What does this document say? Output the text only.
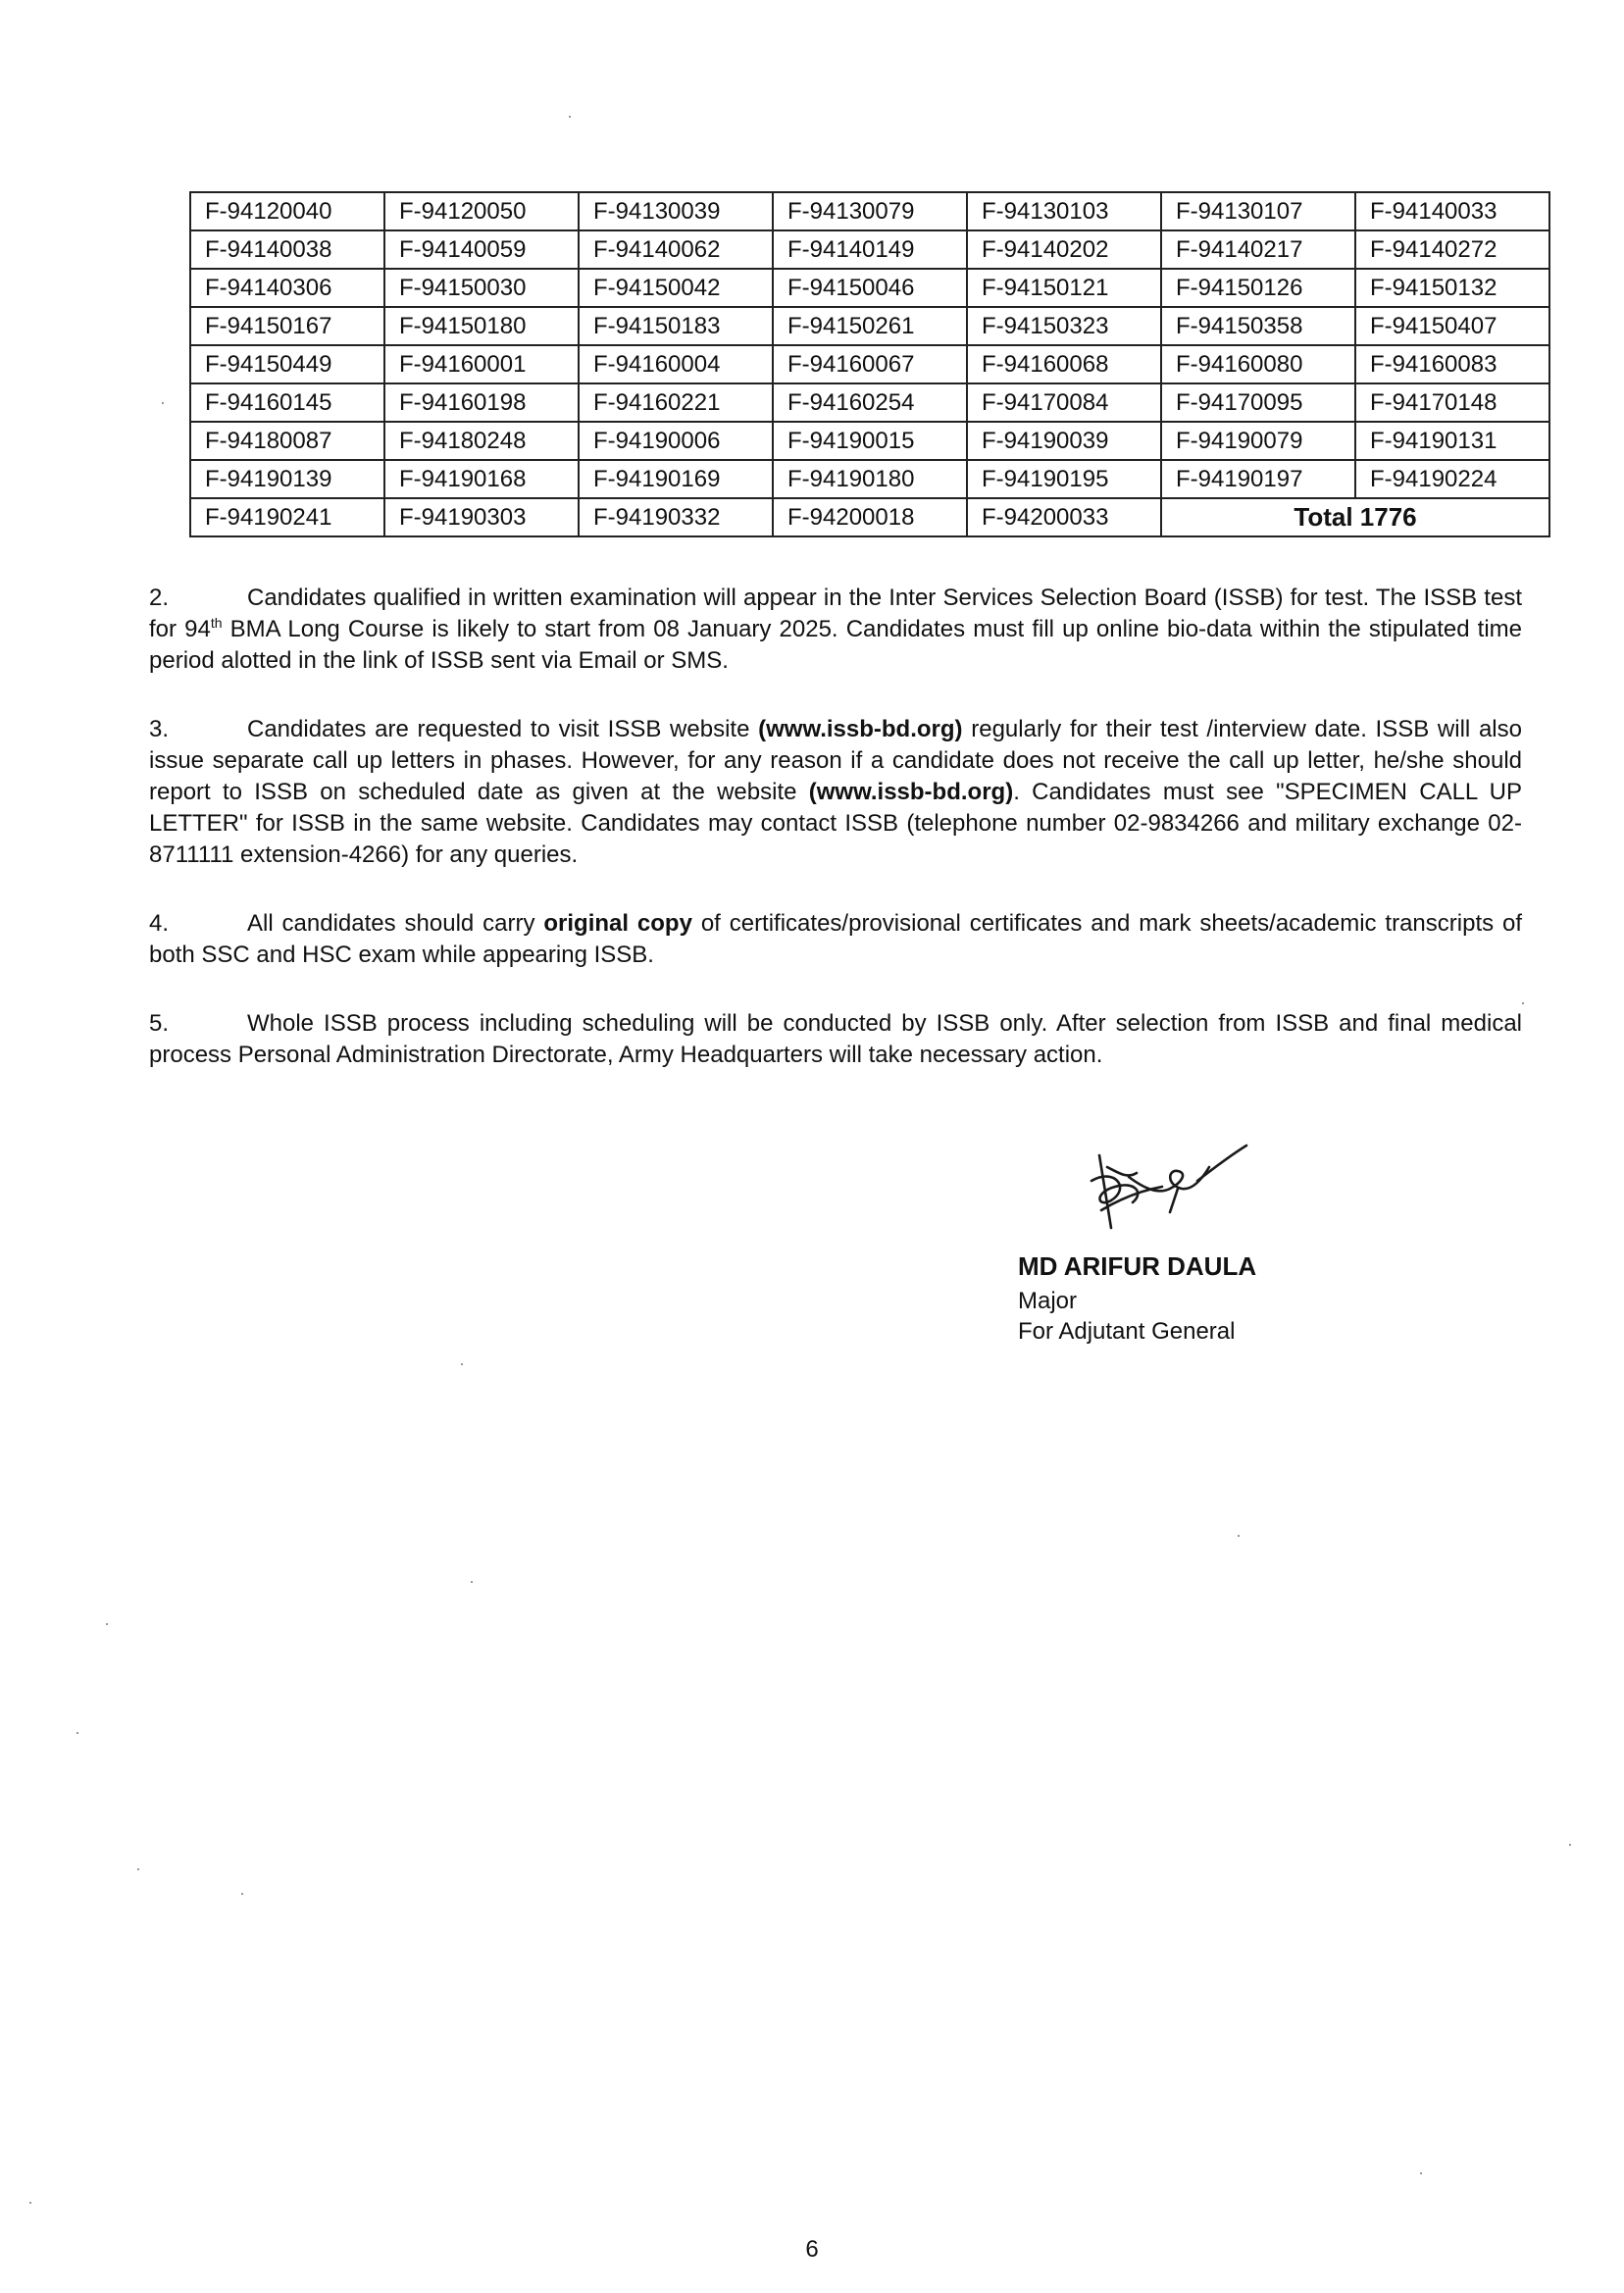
F-94120040	F-94120050	F-94130039	F-94130079	F-94130103	F-94130107	F-94140033
F-94140038	F-94140059	F-94140062	F-94140149	F-94140202	F-94140217	F-94140272
F-94140306	F-94150030	F-94150042	F-94150046	F-94150121	F-94150126	F-94150132
F-94150167	F-94150180	F-94150183	F-94150261	F-94150323	F-94150358	F-94150407
F-94150449	F-94160001	F-94160004	F-94160067	F-94160068	F-94160080	F-94160083
F-94160145	F-94160198	F-94160221	F-94160254	F-94170084	F-94170095	F-94170148
F-94180087	F-94180248	F-94190006	F-94190015	F-94190039	F-94190079	F-94190131
F-94190139	F-94190168	F-94190169	F-94190180	F-94190195	F-94190197	F-94190224
F-94190241	F-94190303	F-94190332	F-94200018	F-94200033	Total 1776	

2.	Candidates qualified in written examination will appear in the Inter Services Selection Board (ISSB) for test. The ISSB test for 94th BMA Long Course is likely to start from 08 January 2025. Candidates must fill up online bio-data within the stipulated time period alotted in the link of ISSB sent via Email or SMS.

3.	Candidates are requested to visit ISSB website (www.issb-bd.org) regularly for their test /interview date. ISSB will also issue separate call up letters in phases. However, for any reason if a candidate does not receive the call up letter, he/she should report to ISSB on scheduled date as given at the website (www.issb-bd.org). Candidates must see "SPECIMEN CALL UP LETTER" for ISSB in the same website. Candidates may contact ISSB (telephone number 02-9834266 and military exchange 02-8711111 extension-4266) for any queries.

4.	All candidates should carry original copy of certificates/provisional certificates and mark sheets/academic transcripts of both SSC and HSC exam while appearing ISSB.

5.	Whole ISSB process including scheduling will be conducted by ISSB only. After selection from ISSB and final medical process Personal Administration Directorate, Army Headquarters will take necessary action.

MD ARIFUR DAULA
Major
For Adjutant General
6
